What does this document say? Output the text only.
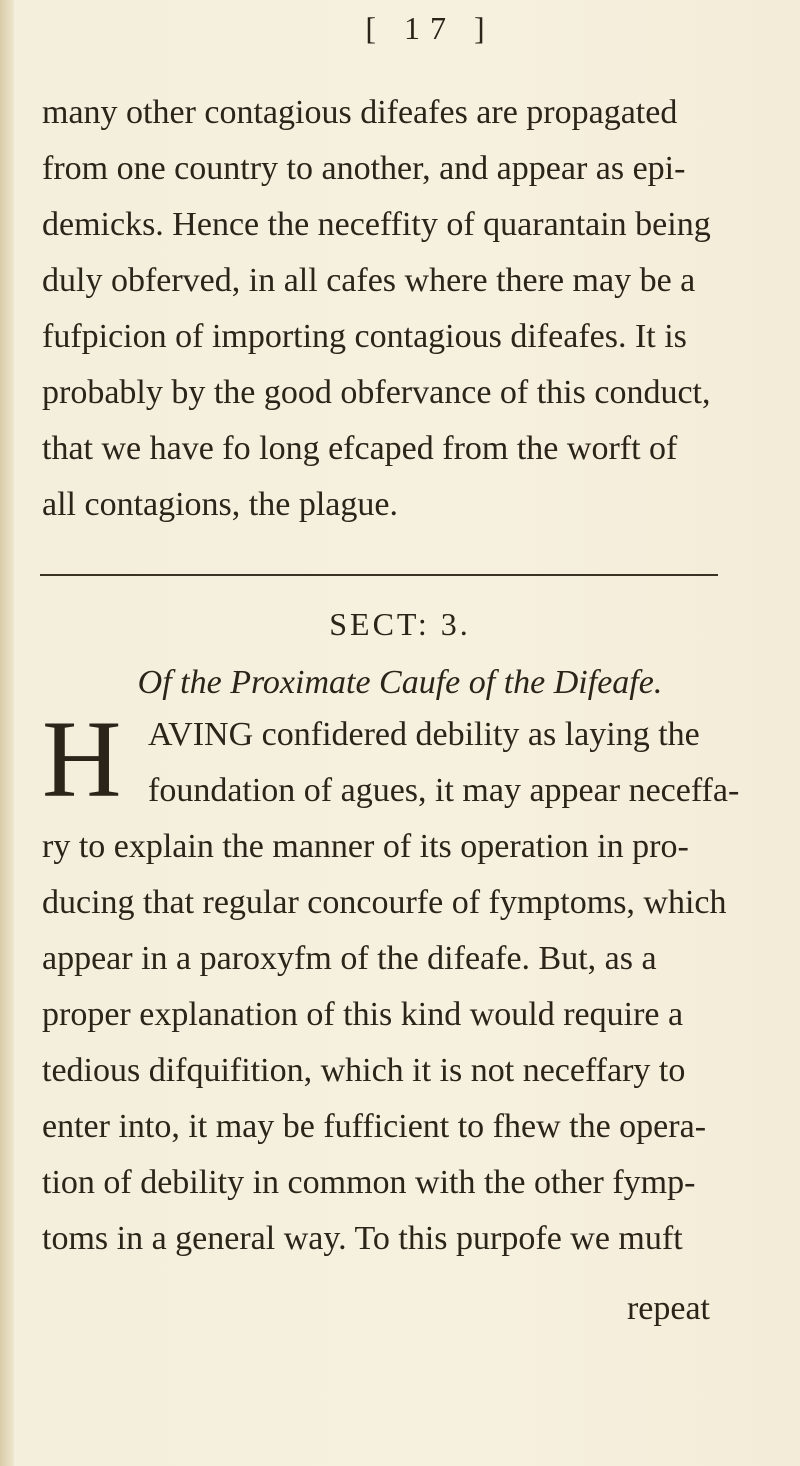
[ 17 ]
many other contagious difeafes are propagated
from one country to another, and appear as epi-
demicks. Hence the neceffity of quarantain being
duly obferved, in all cafes where there may be a
fufpicion of importing contagious difeafes. It is
probably by the good obfervance of this conduct,
that we have fo long efcaped from the worft of
all contagions, the plague.
SECT: 3.
Of the Proximate Caufe of the Difeafe.
H AVING confidered debility as laying the
foundation of agues, it may appear neceffa-
ry to explain the manner of its operation in pro-
ducing that regular concourfe of fymptoms, which
appear in a paroxyfm of the difeafe. But, as a
proper explanation of this kind would require a
tedious difquifition, which it is not neceffary to
enter into, it may be fufficient to fhew the opera-
tion of debility in common with the other fymp-
toms in a general way. To this purpofe we muft
repeat
